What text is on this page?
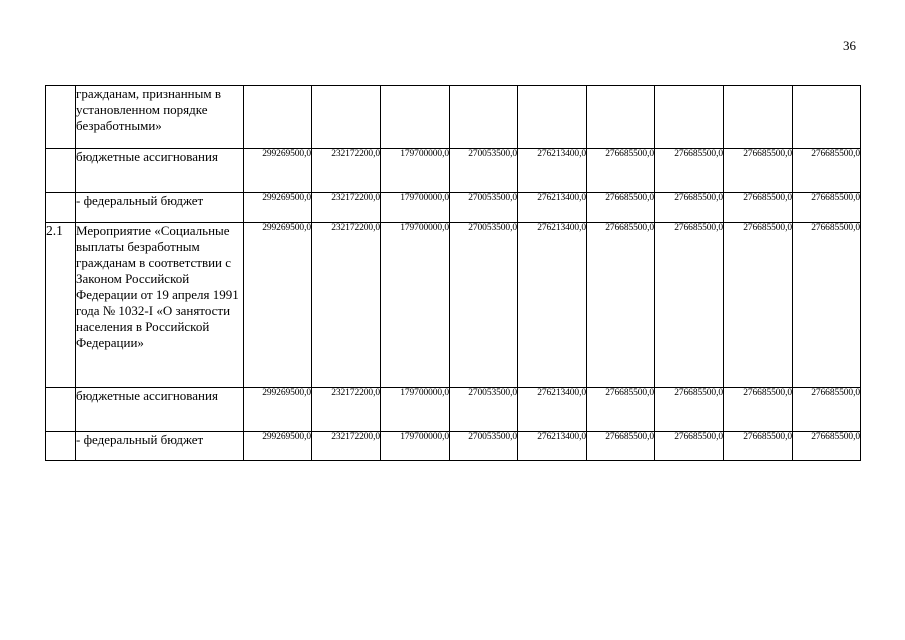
36
	гражданам, признанным в установленном порядке безработными»									
	бюджетные ассигнования	299269500,0	232172200,0	179700000,0	270053500,0	276213400,0	276685500,0	276685500,0	276685500,0	276685500,0
	- федеральный бюджет	299269500,0	232172200,0	179700000,0	270053500,0	276213400,0	276685500,0	276685500,0	276685500,0	276685500,0
2.1	Мероприятие «Социальные выплаты безработным гражданам в соответствии с Законом Российской Федерации от 19 апреля 1991 года № 1032-I «О занятости населения в Российской Федерации»	299269500,0	232172200,0	179700000,0	270053500,0	276213400,0	276685500,0	276685500,0	276685500,0	276685500,0
	бюджетные ассигнования	299269500,0	232172200,0	179700000,0	270053500,0	276213400,0	276685500,0	276685500,0	276685500,0	276685500,0
	- федеральный бюджет	299269500,0	232172200,0	179700000,0	270053500,0	276213400,0	276685500,0	276685500,0	276685500,0	276685500,0
